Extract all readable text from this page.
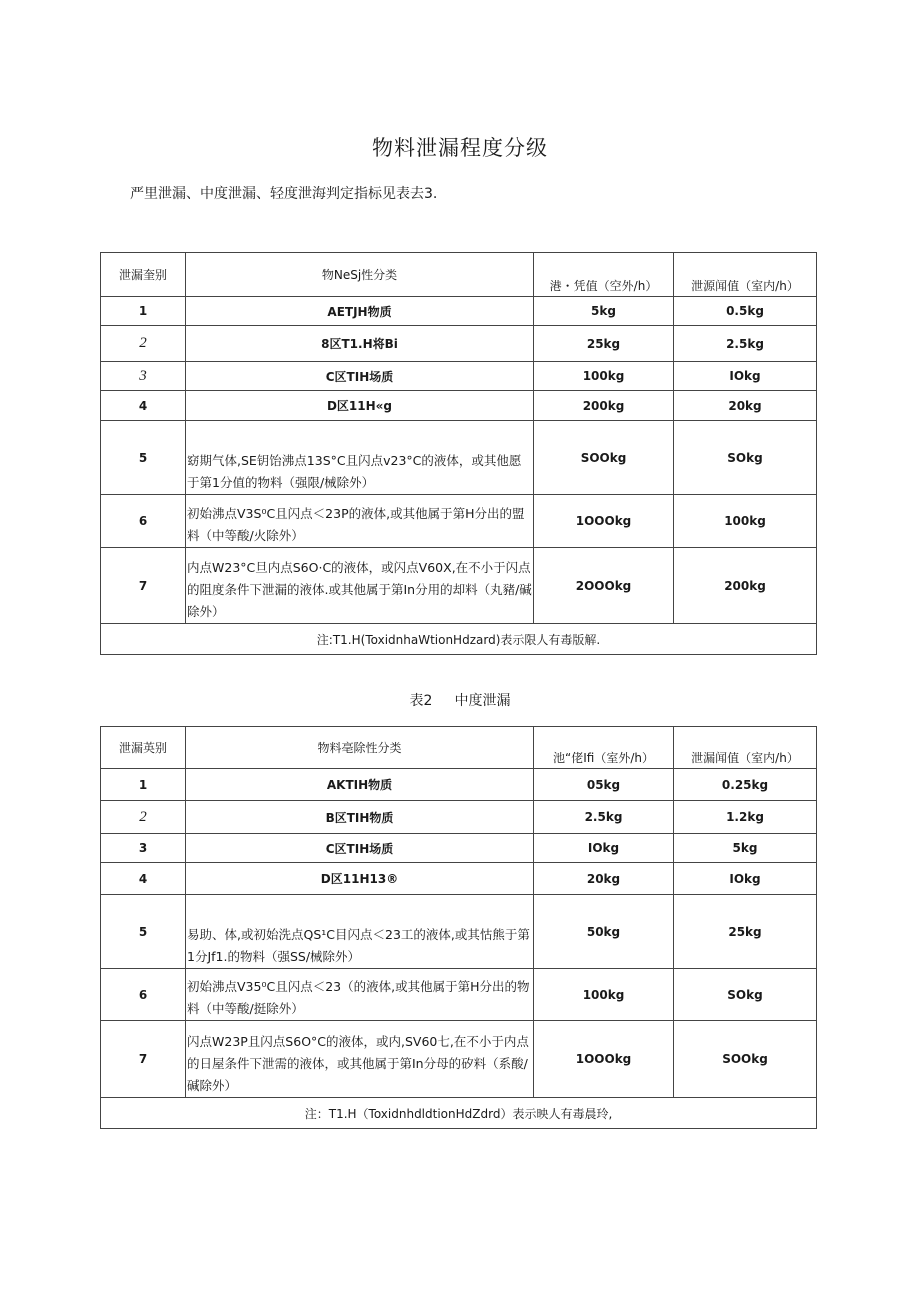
物料泄漏程度分级
严里泄漏、中度泄漏、轻度泄海判定指标见表去3.
泄漏奎别	物NeSj性分类	港・凭值（空外/h）	泄源闻值（室内/h）
1	AETJH物质	5kg	0.5kg
2	8区T1.H将Bi	25kg	2.5kg
3	C区TIH场质	100kg	IOkg
4	D区11H«g	200kg	20kg
5	窈期气体,SE钥饴沸点13S°C且闪点v23°C的液体，或其他愿于第1分值的物料（强限/械除外）	SOOkg	SOkg
6	初始沸点V3S⁰C且闪点＜23P的液体,或其他属于第H分出的盟料（中等酸/火除外）	1OOOkg	100kg
7	内点W23°C旦内点S6O·C的液体，或闪点V60X,在不小于闪点的阻度条件下泄漏的液体.或其他属于第In分用的却料（丸豬/碱除外）	2OOOkg	200kg
注:T1.H(ToxidnhaWtionHdzard)表示限人有毒版解.			
表2 中度泄漏
泄漏英别	物料亳除性分类	池“佬Ifi（室外/h）	泄漏闻值（室内/h）
1	AKTIH物质	05kg	0.25kg
2	B区TIH物质	2.5kg	1.2kg
3	C区TIH场质	IOkg	5kg
4	D区11H13®	20kg	IOkg
5	易助、体,或初始洗点QS¹C目闪点＜23工的液体,或其怙熊于第1分Jf1.的物料（强SS/械除外）	50kg	25kg
6	初始沸点V35⁰C且闪点＜23（的液体,或其他属于第H分出的物料（中等酸/挺除外）	100kg	SOkg
7	闪点W23P且闪点S6O°C的液体，或内,SV60七,在不小于内点的日屋条件下泄需的液体，或其他属于第In分母的矽料（系酸/碱除外）	1OOOkg	SOOkg
注：T1.H（ToxidnhdldtionHdZdrd）表示映人有毒晨玲,			
